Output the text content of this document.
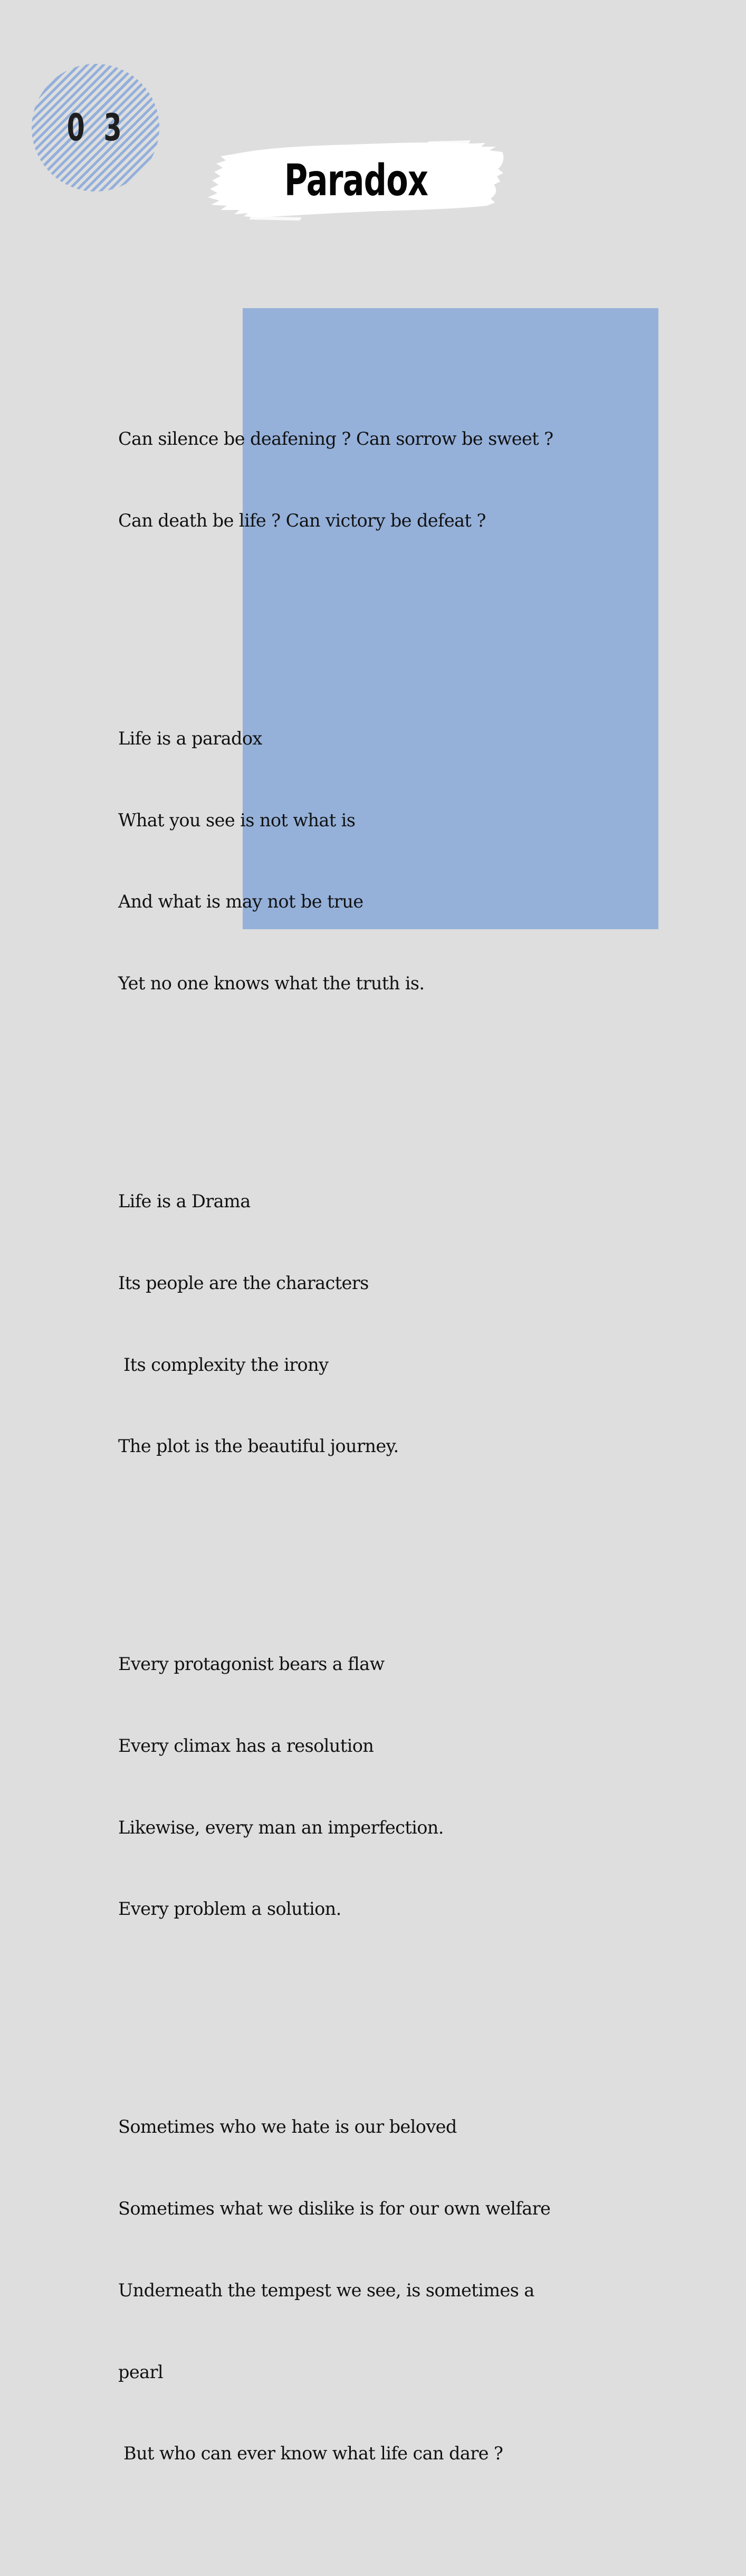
0 3
Paradox

Can silence be deafening ? Can sorrow be sweet ?

Can death be life ? Can victory be defeat ?

Life is a paradox

What you see is not what is

And what is may not be true

Yet no one knows what the truth is.

Life is a Drama

Its people are the characters

Its complexity the irony

The plot is the beautiful journey.

Every protagonist bears a flaw

Every climax has a resolution

Likewise, every man an imperfection.

Every problem a solution.

Sometimes who we hate is our beloved

Sometimes what we dislike is for our own welfare

Underneath the tempest we see, is sometimes a

pearl

But who can ever know what life can dare ?
